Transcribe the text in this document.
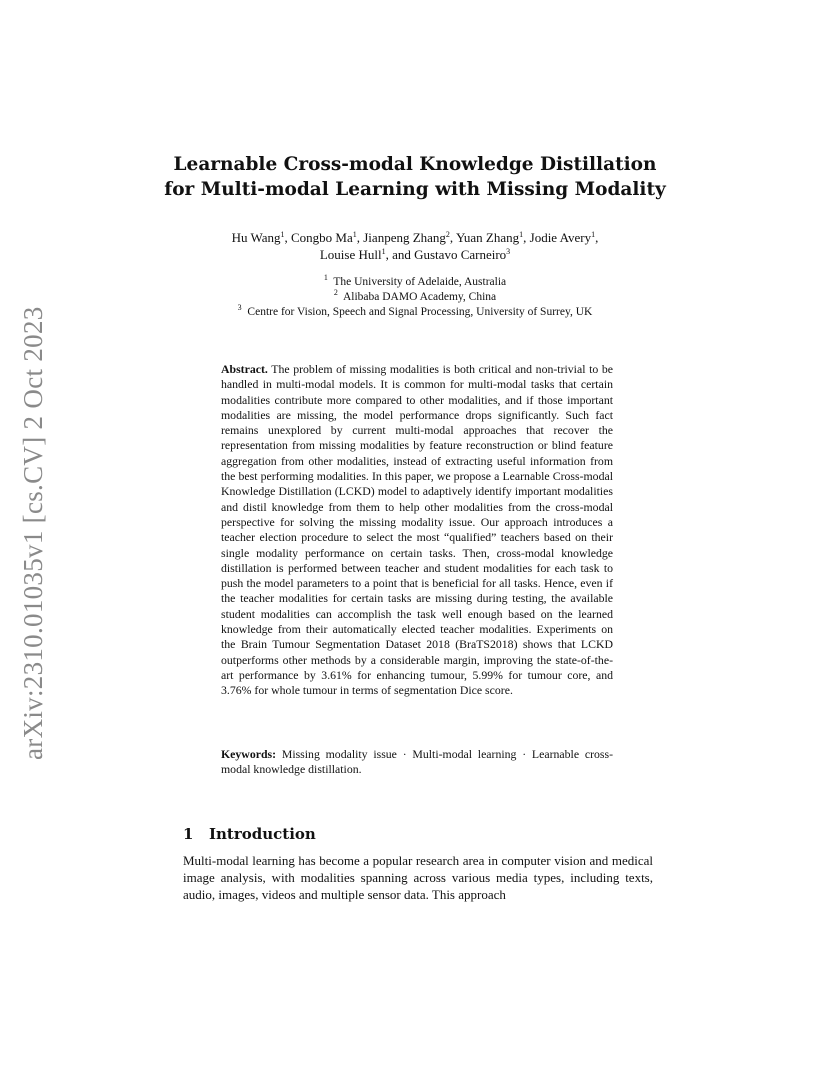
arXiv:2310.01035v1 [cs.CV] 2 Oct 2023
Learnable Cross-modal Knowledge Distillation
for Multi-modal Learning with Missing Modality
Hu Wang$^1$, Congbo Ma$^1$, Jianpeng Zhang$^2$, Yuan Zhang$^1$, Jodie Avery$^1$,
Louise Hull$^1$, and Gustavo Carneiro$^3$
$^1$ The University of Adelaide, Australia
$^2$ Alibaba DAMO Academy, China
$^3$ Centre for Vision, Speech and Signal Processing, University of Surrey, UK
Abstract. The problem of missing modalities is both critical and non-trivial to be handled in multi-modal models. It is common for multi-modal tasks that certain modalities contribute more compared to other modalities, and if those important modalities are missing, the model performance drops significantly. Such fact remains unexplored by current multi-modal approaches that recover the representation from missing modalities by feature reconstruction or blind feature aggregation from other modalities, instead of extracting useful information from the best performing modalities. In this paper, we propose a Learnable Cross-modal Knowledge Distillation (LCKD) model to adaptively identify important modalities and distil knowledge from them to help other modalities from the cross-modal perspective for solving the missing modality issue. Our approach introduces a teacher election procedure to select the most “qualified” teachers based on their single modality performance on certain tasks. Then, cross-modal knowledge distillation is performed between teacher and student modalities for each task to push the model parameters to a point that is beneficial for all tasks. Hence, even if the teacher modalities for certain tasks are missing during testing, the available student modalities can accomplish the task well enough based on the learned knowledge from their automatically elected teacher modalities. Experiments on the Brain Tumour Segmentation Dataset 2018 (BraTS2018) shows that LCKD outperforms other methods by a considerable margin, improving the state-of-the-art performance by 3.61% for enhancing tumour, 5.99% for tumour core, and 3.76% for whole tumour in terms of segmentation Dice score.
Keywords: Missing modality issue · Multi-modal learning · Learnable cross-modal knowledge distillation.
1 Introduction
Multi-modal learning has become a popular research area in computer vision and medical image analysis, with modalities spanning across various media types, including texts, audio, images, videos and multiple sensor data. This approach
